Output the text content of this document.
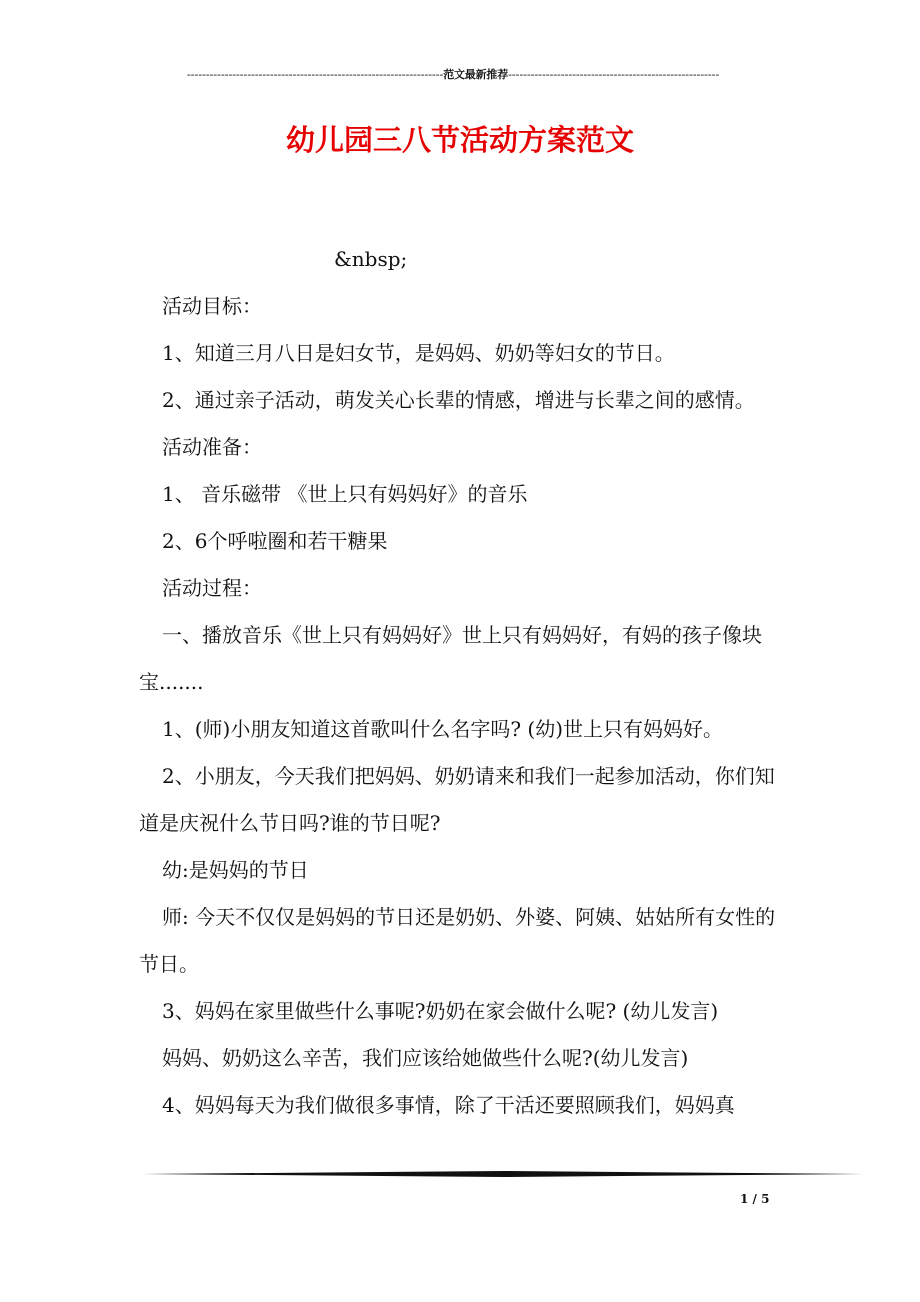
--------------------------------------------------------------------范文最新推荐--------------------------------------------------------
幼儿园三八节活动方案范文

&nbsp;

活动目标：

1、知道三月八日是妇女节，是妈妈、奶奶等妇女的节日。

2、通过亲子活动，萌发关心长辈的情感，增进与长辈之间的感情。

活动准备：

1、 音乐磁带 《世上只有妈妈好》的音乐

2、6个呼啦圈和若干糖果

活动过程：

一、播放音乐《世上只有妈妈好》世上只有妈妈好，有妈的孩子像块宝.......

1、(师)小朋友知道这首歌叫什么名字吗? (幼)世上只有妈妈好。

2、小朋友，今天我们把妈妈、奶奶请来和我们一起参加活动，你们知道是庆祝什么节日吗?谁的节日呢?

幼:是妈妈的节日

师: 今天不仅仅是妈妈的节日还是奶奶、外婆、阿姨、姑姑所有女性的节日。

3、妈妈在家里做些什么事呢?奶奶在家会做什么呢? (幼儿发言)

妈妈、奶奶这么辛苦，我们应该给她做些什么呢?(幼儿发言)

4、妈妈每天为我们做很多事情，除了干活还要照顾我们，妈妈真

1 / 5
